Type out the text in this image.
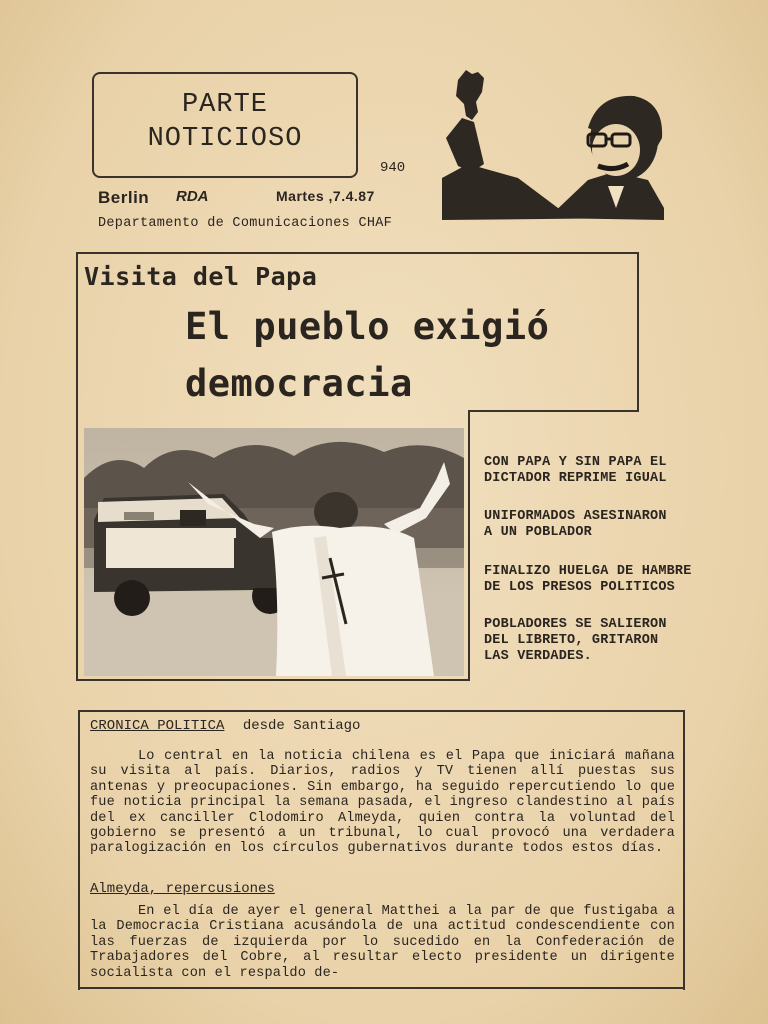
PARTE
NOTICIOSO
940
Berlin RDA	Martes ,7.4.87
Departamento de Comunicaciones CHAF
Visita del Papa
El pueblo exigió
democracia
CON PAPA Y SIN PAPA EL
DICTADOR REPRIME IGUAL
UNIFORMADOS ASESINARON
A UN POBLADOR
FINALIZO HUELGA DE HAMBRE
DE LOS PRESOS POLITICOS
POBLADORES SE SALIERON
DEL LIBRETO, GRITARON
LAS VERDADES.
CRONICA POLITICA desde Santiago

Lo central en la noticia chilena es el Papa que iniciará mañana su visita al país. Diarios, radios y TV tienen allí puestas sus antenas y preocupaciones. Sin embargo, ha seguido repercutiendo lo que fue noticia principal la semana pasada, el ingreso clandestino al país del ex canciller Clodomiro Almeyda, quien contra la voluntad del gobierno se presentó a un tribunal, lo cual provocó una verdadera paralogización en los círculos gubernativos durante todos estos días.

Almeyda, repercusiones

En el día de ayer el general Matthei a la par de que fustigaba a la Democracia Cristiana acusándola de una actitud condescendiente con las fuerzas de izquierda por lo sucedido en la Confederación de Trabajadores del Cobre, al resultar electo presidente un dirigente socialista con el respaldo de-
